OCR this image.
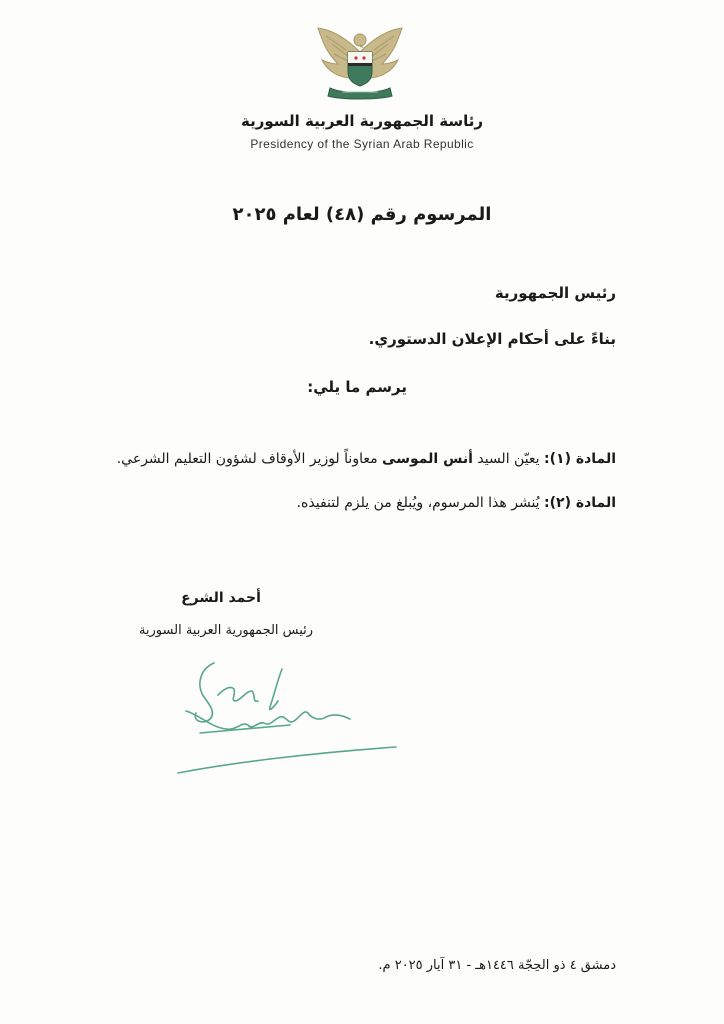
رئاسة الجمهورية العربية السورية
Presidency of the Syrian Arab Republic
المرسوم رقم (٤٨) لعام ٢٠٢٥
رئيس الجمهورية
بناءً على أحكام الإعلان الدستوري.
يرسم ما يلي:
المادة (١): يعيّن السيد أنس الموسى معاوناً لوزير الأوقاف لشؤون التعليم الشرعي.
المادة (٢): يُنشر هذا المرسوم، ويُبلغ من يلزم لتنفيذه.
أحمد الشرع
رئيس الجمهورية العربية السورية
دمشق ٤ ذو الحِجّة ١٤٤٦هـ - ٣١ آيار ٢٠٢٥ م.
